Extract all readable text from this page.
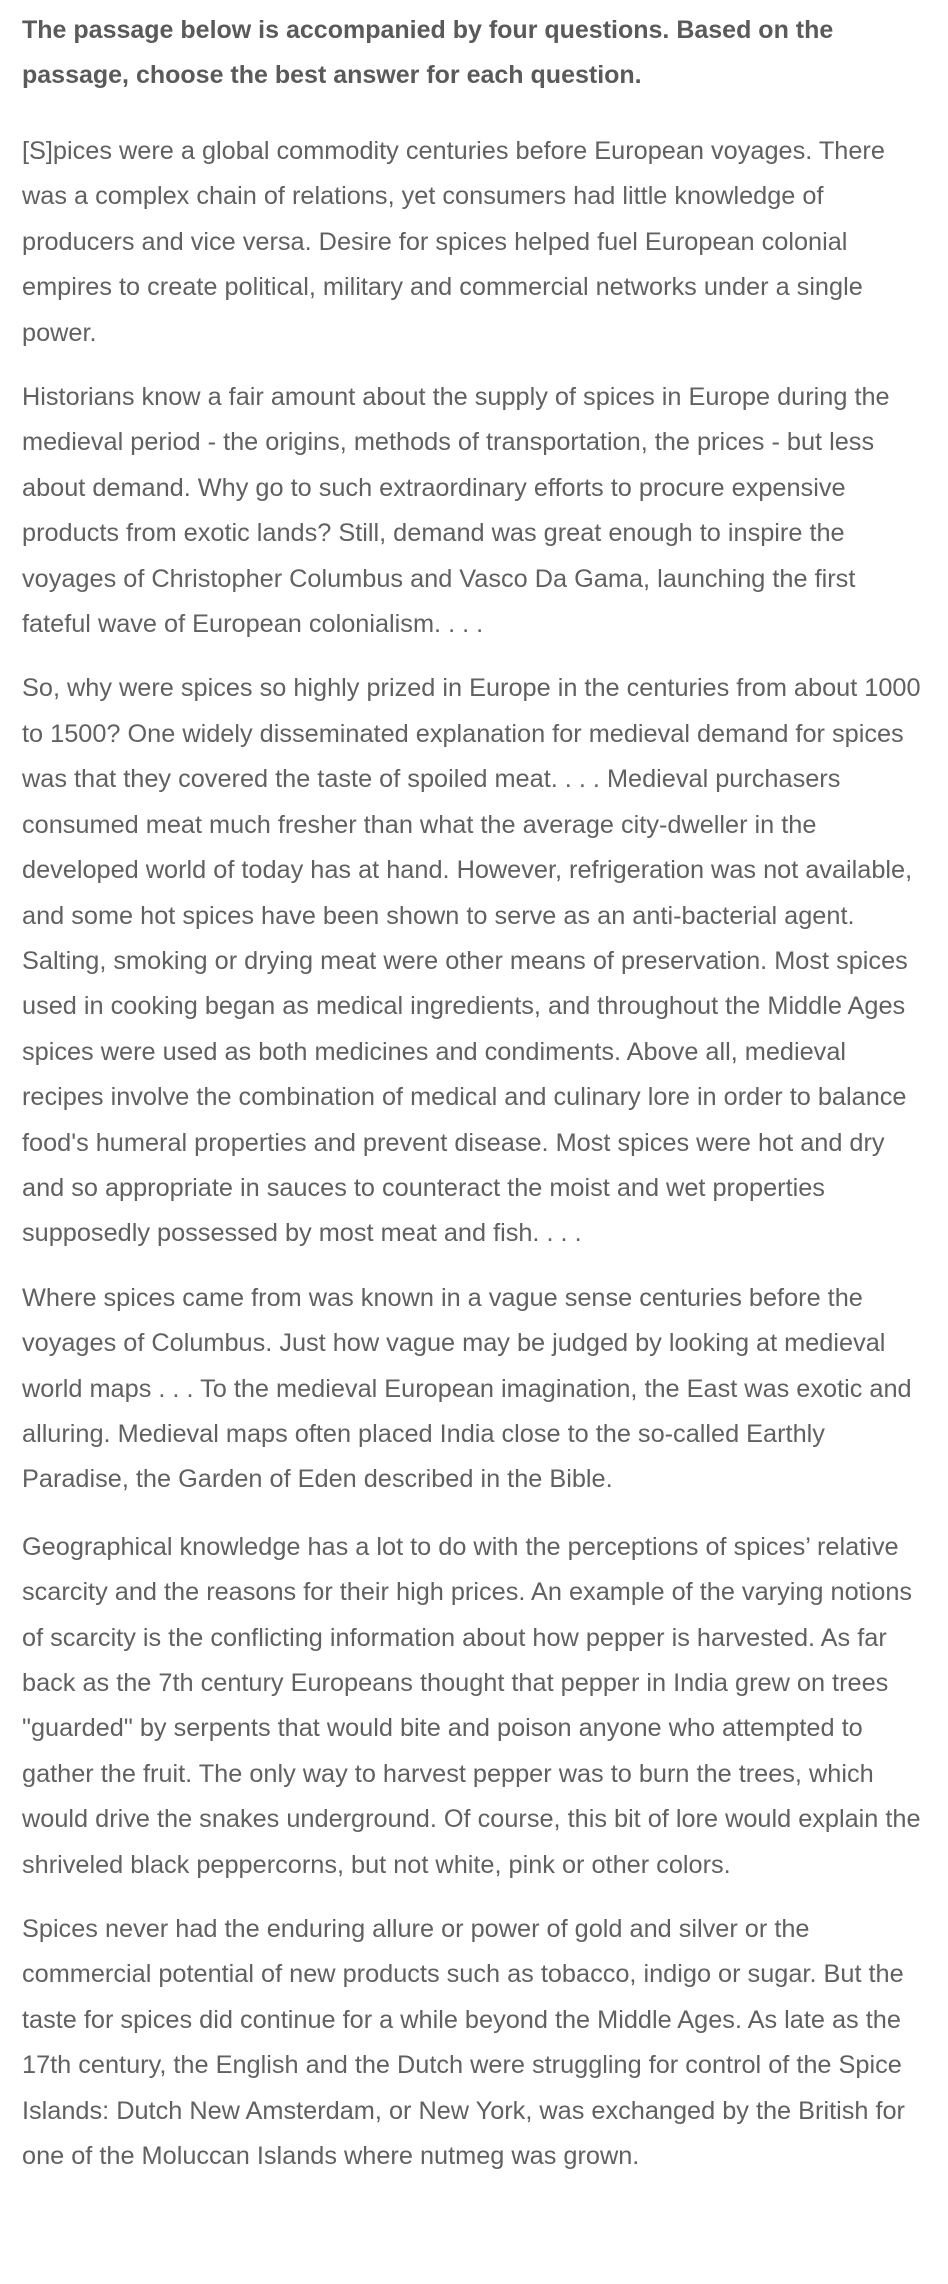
The passage below is accompanied by four questions. Based on the passage, choose the best answer for each question.

[S]pices were a global commodity centuries before European voyages. There was a complex chain of relations, yet consumers had little knowledge of producers and vice versa. Desire for spices helped fuel European colonial empires to create political, military and commercial networks under a single power.

Historians know a fair amount about the supply of spices in Europe during the medieval period - the origins, methods of transportation, the prices - but less about demand. Why go to such extraordinary efforts to procure expensive products from exotic lands? Still, demand was great enough to inspire the voyages of Christopher Columbus and Vasco Da Gama, launching the first fateful wave of European colonialism. . . .

So, why were spices so highly prized in Europe in the centuries from about 1000 to 1500? One widely disseminated explanation for medieval demand for spices was that they covered the taste of spoiled meat. . . . Medieval purchasers consumed meat much fresher than what the average city-dweller in the developed world of today has at hand. However, refrigeration was not available, and some hot spices have been shown to serve as an anti-bacterial agent. Salting, smoking or drying meat were other means of preservation. Most spices used in cooking began as medical ingredients, and throughout the Middle Ages spices were used as both medicines and condiments. Above all, medieval recipes involve the combination of medical and culinary lore in order to balance food's humeral properties and prevent disease. Most spices were hot and dry and so appropriate in sauces to counteract the moist and wet properties supposedly possessed by most meat and fish. . . .

Where spices came from was known in a vague sense centuries before the voyages of Columbus. Just how vague may be judged by looking at medieval world maps . . . To the medieval European imagination, the East was exotic and alluring. Medieval maps often placed India close to the so-called Earthly Paradise, the Garden of Eden described in the Bible.

Geographical knowledge has a lot to do with the perceptions of spices’ relative scarcity and the reasons for their high prices. An example of the varying notions of scarcity is the conflicting information about how pepper is harvested. As far back as the 7th century Europeans thought that pepper in India grew on trees "guarded" by serpents that would bite and poison anyone who attempted to gather the fruit. The only way to harvest pepper was to burn the trees, which would drive the snakes underground. Of course, this bit of lore would explain the shriveled black peppercorns, but not white, pink or other colors.

Spices never had the enduring allure or power of gold and silver or the commercial potential of new products such as tobacco, indigo or sugar. But the taste for spices did continue for a while beyond the Middle Ages. As late as the 17th century, the English and the Dutch were struggling for control of the Spice Islands: Dutch New Amsterdam, or New York, was exchanged by the British for one of the Moluccan Islands where nutmeg was grown.
